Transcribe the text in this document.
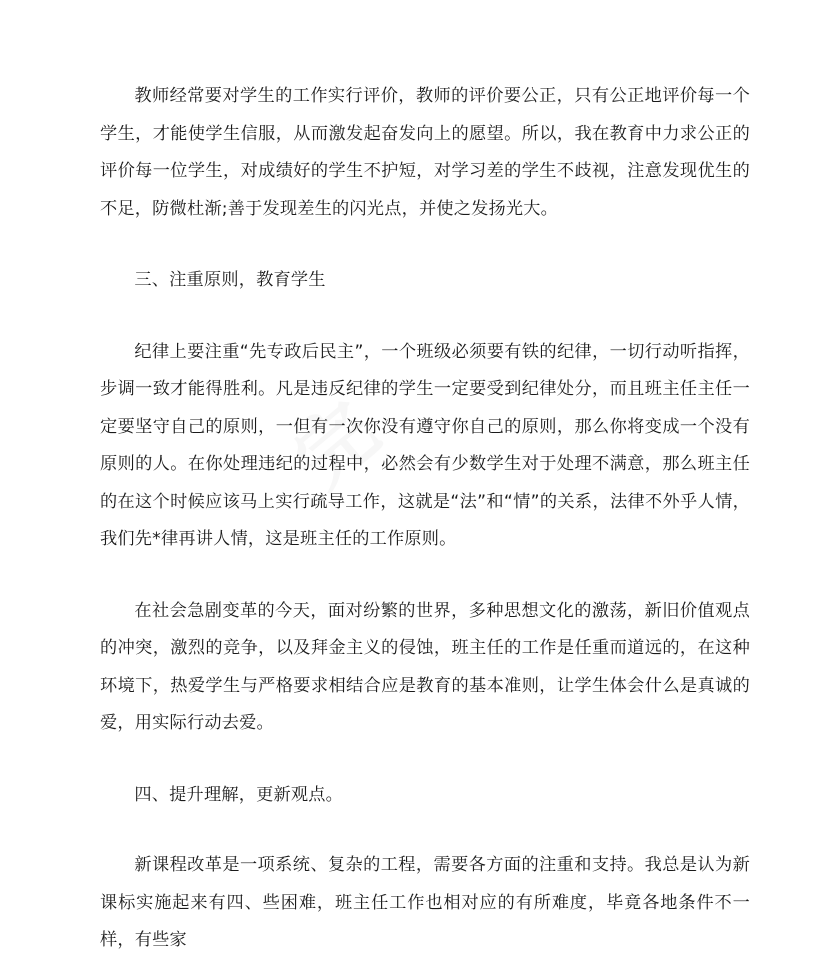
完

教师经常要对学生的工作实行评价，教师的评价要公正，只有公正地评价每一个学生，才能使学生信服，从而激发起奋发向上的愿望。所以，我在教育中力求公正的评价每一位学生，对成绩好的学生不护短，对学习差的学生不歧视，注意发现优生的不足，防微杜渐;善于发现差生的闪光点，并使之发扬光大。

三、注重原则，教育学生

纪律上要注重“先专政后民主”，一个班级必须要有铁的纪律，一切行动听指挥，步调一致才能得胜利。凡是违反纪律的学生一定要受到纪律处分，而且班主任主任一定要坚守自己的原则，一但有一次你没有遵守你自己的原则，那么你将变成一个没有原则的人。在你处理违纪的过程中，必然会有少数学生对于处理不满意，那么班主任的在这个时候应该马上实行疏导工作，这就是“法”和“情”的关系，法律不外乎人情，我们先*律再讲人情，这是班主任的工作原则。

在社会急剧变革的今天，面对纷繁的世界，多种思想文化的激荡，新旧价值观点的冲突，激烈的竞争，以及拜金主义的侵蚀，班主任的工作是任重而道远的，在这种环境下，热爱学生与严格要求相结合应是教育的基本准则，让学生体会什么是真诚的爱，用实际行动去爱。

四、提升理解，更新观点。

新课程改革是一项系统、复杂的工程，需要各方面的注重和支持。我总是认为新课标实施起来有四、些困难，班主任工作也相对应的有所难度，毕竟各地条件不一样，有些家
